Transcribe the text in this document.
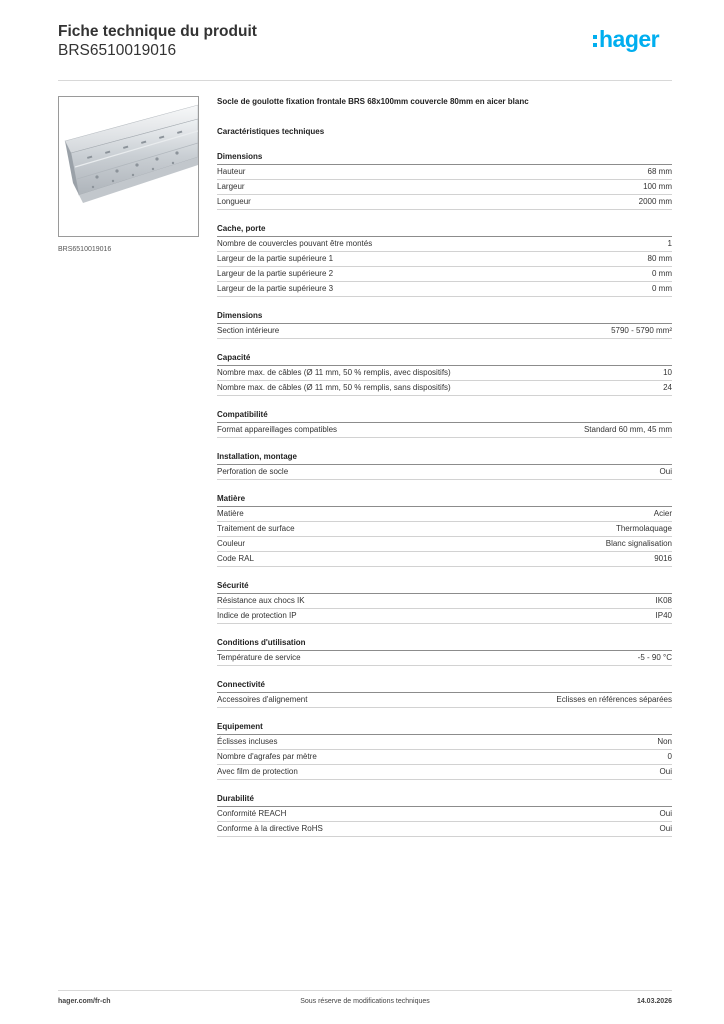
Fiche technique du produit
BRS6510019016	hager
BRS6510019016
Socle de goulotte fixation frontale BRS 68x100mm couvercle 80mm en aicer blanc
Caractéristiques techniques
Dimensions
Hauteur	68 mm
Largeur	100 mm
Longueur	2000 mm
Cache, porte
Nombre de couvercles pouvant être montés	1
Largeur de la partie supérieure 1	80 mm
Largeur de la partie supérieure 2	0 mm
Largeur de la partie supérieure 3	0 mm
Dimensions
Section intérieure	5790 - 5790 mm²
Capacité
Nombre max. de câbles (Ø 11 mm, 50 % remplis, avec dispositifs)	10
Nombre max. de câbles (Ø 11 mm, 50 % remplis, sans dispositifs)	24
Compatibilité
Format appareillages compatibles	Standard 60 mm, 45 mm
Installation, montage
Perforation de socle	Oui
Matière
Matière	Acier
Traitement de surface	Thermolaquage
Couleur	Blanc signalisation
Code RAL	9016
Sécurité
Résistance aux chocs IK	IK08
Indice de protection IP	IP40
Conditions d'utilisation
Température de service	-5 - 90 °C
Connectivité
Accessoires d'alignement	Eclisses en références séparées
Equipement
Éclisses incluses	Non
Nombre d'agrafes par mètre	0
Avec film de protection	Oui
Durabilité
Conformité REACH	Oui
Conforme à la directive RoHS	Oui
hager.com/fr-ch	Sous réserve de modifications techniques	14.03.2026
